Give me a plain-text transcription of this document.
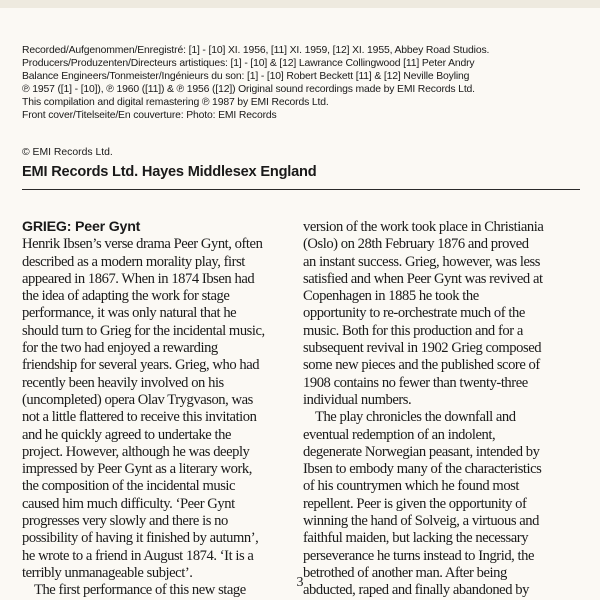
Recorded/Aufgenommen/Enregistré: [1] - [10] XI. 1956, [11] XI. 1959, [12] XI. 1955, Abbey Road Studios.
Producers/Produzenten/Directeurs artistiques: [1] - [10] & [12] Lawrance Collingwood [11] Peter Andry
Balance Engineers/Tonmeister/Ingénieurs du son: [1] - [10] Robert Beckett [11] & [12] Neville Boyling
℗ 1957 ([1] - [10]), ℗ 1960 ([11]) & ℗ 1956 ([12]) Original sound recordings made by EMI Records Ltd.
This compilation and digital remastering ℗ 1987 by EMI Records Ltd.
Front cover/Titelseite/En couverture: Photo: EMI Records
© EMI Records Ltd.
EMI Records Ltd. Hayes Middlesex England
GRIEG: Peer Gynt
Henrik Ibsen’s verse drama Peer Gynt, often
described as a modern morality play, first
appeared in 1867. When in 1874 Ibsen had
the idea of adapting the work for stage
performance, it was only natural that he
should turn to Grieg for the incidental music,
for the two had enjoyed a rewarding
friendship for several years. Grieg, who had
recently been heavily involved on his
(uncompleted) opera Olav Trygvason, was
not a little flattered to receive this invitation
and he quickly agreed to undertake the
project. However, although he was deeply
impressed by Peer Gynt as a literary work,
the composition of the incidental music
caused him much difficulty. ‘Peer Gynt
progresses very slowly and there is no
possibility of having it finished by autumn’,
he wrote to a friend in August 1874. ‘It is a
terribly unmanageable subject’.
The first performance of this new stage
version of the work took place in Christiania
(Oslo) on 28th February 1876 and proved
an instant success. Grieg, however, was less
satisfied and when Peer Gynt was revived at
Copenhagen in 1885 he took the
opportunity to re-orchestrate much of the
music. Both for this production and for a
subsequent revival in 1902 Grieg composed
some new pieces and the published score of
1908 contains no fewer than twenty-three
individual numbers.
The play chronicles the downfall and
eventual redemption of an indolent,
degenerate Norwegian peasant, intended by
Ibsen to embody many of the characteristics
of his countrymen which he found most
repellent. Peer is given the opportunity of
winning the hand of Solveig, a virtuous and
faithful maiden, but lacking the necessary
perseverance he turns instead to Ingrid, the
betrothed of another man. After being
abducted, raped and finally abandoned by
3
